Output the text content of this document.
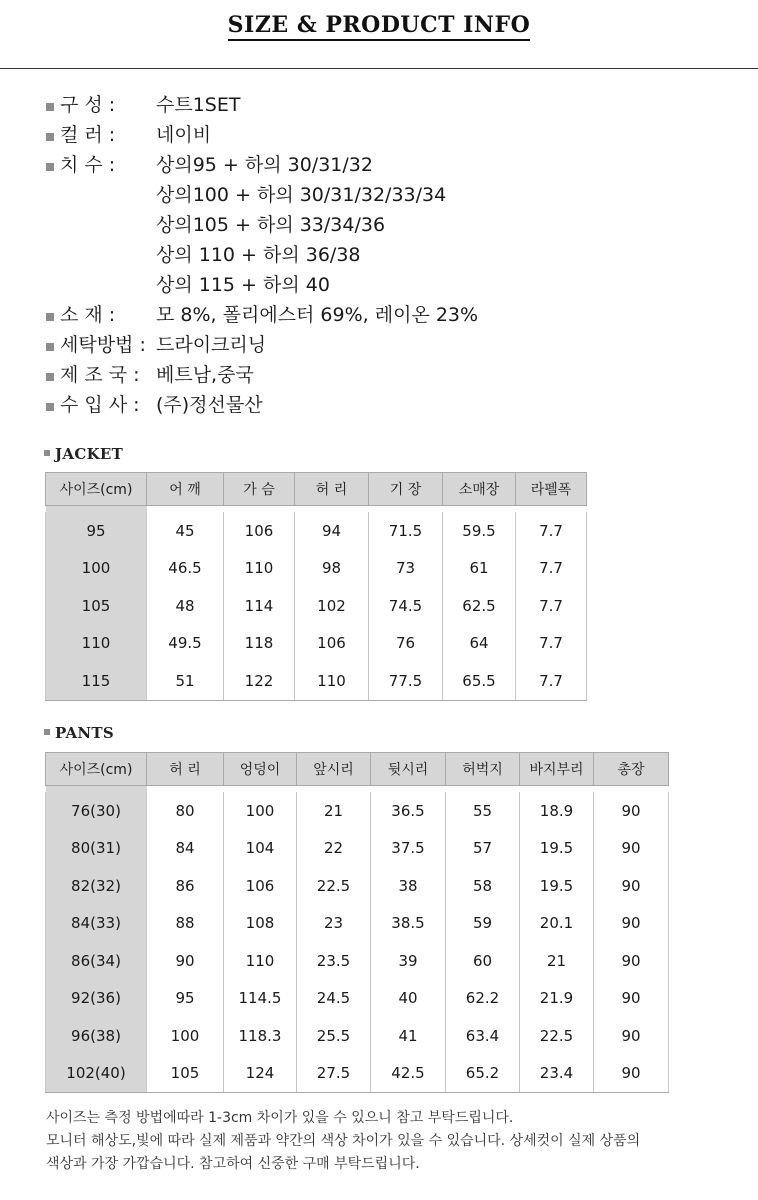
SIZE & PRODUCT INFO
구 성 : 수트1SET
컬 러 : 네이비
치 수 : 상의95 + 하의 30/31/32
상의100 + 하의 30/31/32/33/34
상의105 + 하의 33/34/36
상의 110 + 하의 36/38
상의 115 + 하의 40
소 재 : 모 8%, 폴리에스터 69%, 레이온 23%
세탁방법 : 드라이크리닝
제 조 국 : 베트남,중국
수 입 사 : (주)정선물산
JACKET
사이즈(cm)	어 깨	가 슴	허 리	기 장	소매장	라펠폭

95	45	106	94	71.5	59.5	7.7
100	46.5	110	98	73	61	7.7
105	48	114	102	74.5	62.5	7.7
110	49.5	118	106	76	64	7.7
115	51	122	110	77.5	65.5	7.7
PANTS
사이즈(cm)	허 리	엉덩이	앞시리	뒷시리	허벅지	바지부리	총장

76(30)	80	100	21	36.5	55	18.9	90
80(31)	84	104	22	37.5	57	19.5	90
82(32)	86	106	22.5	38	58	19.5	90
84(33)	88	108	23	38.5	59	20.1	90
86(34)	90	110	23.5	39	60	21	90
92(36)	95	114.5	24.5	40	62.2	21.9	90
96(38)	100	118.3	25.5	41	63.4	22.5	90
102(40)	105	124	27.5	42.5	65.2	23.4	90
사이즈는 측정 방법에따라 1-3cm 차이가 있을 수 있으니 참고 부탁드립니다.
모니터 해상도,빛에 따라 실제 제품과 약간의 색상 차이가 있을 수 있습니다. 상세컷이 실제 상품의
색상과 가장 가깝습니다. 참고하여 신중한 구매 부탁드립니다.
